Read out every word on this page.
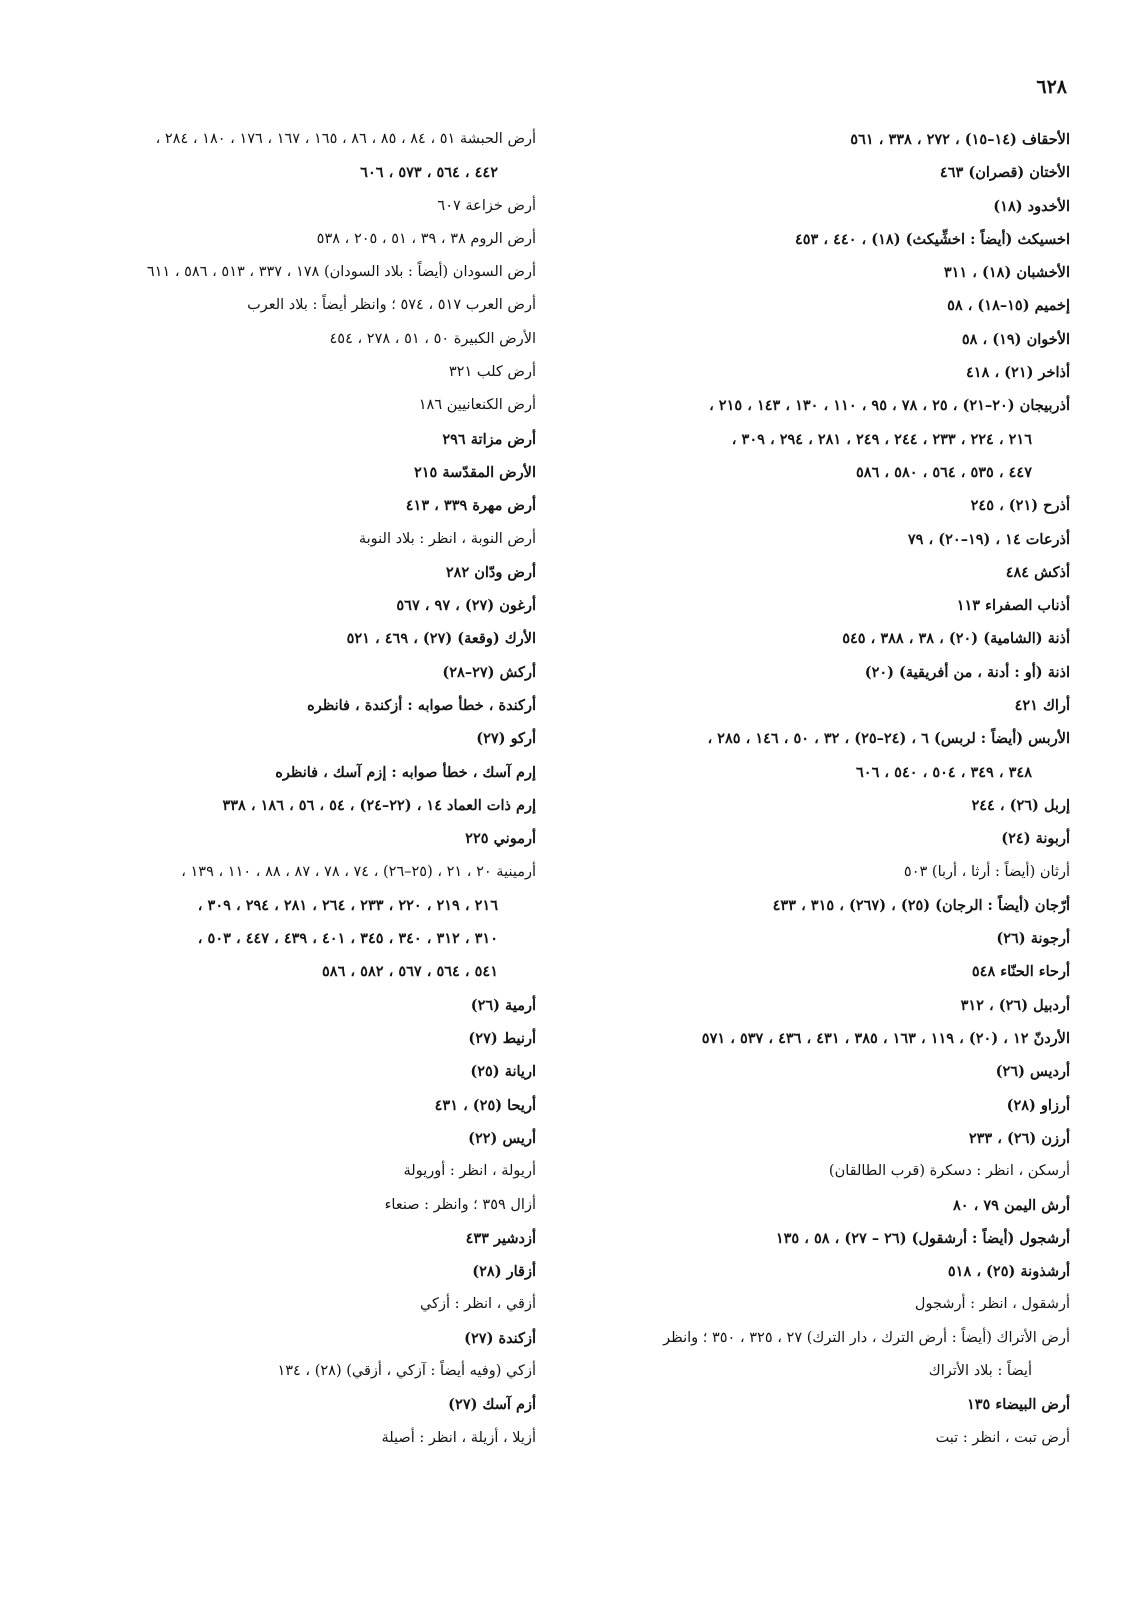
٦٢٨
الأحقاف (١٤–١٥) ، ٢٧٢ ، ٣٣٨ ، ٥٦١
الأختان (قصران) ٤٦٣
الأخدود (١٨)
اخسيكث (أيضاً : اخشِّيكث) (١٨) ، ٤٤٠ ، ٤٥٣
الأخشبان (١٨) ، ٣١١
إخميم (١٥–١٨) ، ٥٨
الأخوان (١٩) ، ٥٨
أذاخر (٢١) ، ٤١٨
أذربيجان (٢٠–٢١) ، ٢٥ ، ٧٨ ، ٩٥ ، ١١٠ ، ١٣٠ ، ١٤٣ ، ٢١٥ ،
٢١٦ ، ٢٢٤ ، ٢٣٣ ، ٢٤٤ ، ٢٤٩ ، ٢٨١ ، ٢٩٤ ، ٣٠٩ ،
٤٤٧ ، ٥٣٥ ، ٥٦٤ ، ٥٨٠ ، ٥٨٦
أذرح (٢١) ، ٢٤٥
أذرعات ١٤ ، (١٩–٢٠) ، ٧٩
أذكش ٤٨٤
أذناب الصفراء ١١٣
أذنة (الشامية) (٢٠) ، ٣٨ ، ٣٨٨ ، ٥٤٥
اذنة (أو : أدنة ، من أفريقية) (٢٠)
أراك ٤٢١
الأربس (أيضاً : لربس) ٦ ، (٢٤–٢٥) ، ٣٢ ، ٥٠ ، ١٤٦ ، ٢٨٥ ،
٣٤٨ ، ٣٤٩ ، ٥٠٤ ، ٥٤٠ ، ٦٠٦
إربل (٢٦) ، ٢٤٤
أربونة (٢٤)
أرثان (أيضاً : أرثا ، أربا) ٥٠٣
أرّجان (أيضاً : الرجان) (٢٥) ، (٢٦٧) ، ٣١٥ ، ٤٣٣
أرجونة (٢٦)
أرحاء الحنّاء ٥٤٨
أردبيل (٢٦) ، ٣١٢
الأردنّ ١٢ ، (٢٠) ، ١١٩ ، ١٦٣ ، ٣٨٥ ، ٤٣١ ، ٤٣٦ ، ٥٣٧ ، ٥٧١
أرديس (٢٦)
أرزاو (٢٨)
أرزن (٢٦) ، ٢٣٣
أرسكن ، انظر : دسكرة (قرب الطالقان)
أرش اليمن ٧٩ ، ٨٠
أرشجول (أيضاً : أرشقول) (٢٦ – ٢٧) ، ٥٨ ، ١٣٥
أرشذونة (٢٥) ، ٥١٨
أرشقول ، انظر : أرشجول
أرض الأتراك (أيضاً : أرض الترك ، دار الترك) ٢٧ ، ٣٢٥ ، ٣٥٠ ؛ وانظر
أيضاً : بلاد الأتراك
أرض البيضاء ١٣٥
أرض تبت ، انظر : تبت
أرض الحبشة ٥١ ، ٨٤ ، ٨٥ ، ٨٦ ، ١٦٥ ، ١٦٧ ، ١٧٦ ، ١٨٠ ، ٢٨٤ ،
٤٤٢ ، ٥٦٤ ، ٥٧٣ ، ٦٠٦
أرض خزاعة ٦٠٧
أرض الروم ٣٨ ، ٣٩ ، ٥١ ، ٢٠٥ ، ٥٣٨
أرض السودان (أيضاً : بلاد السودان) ١٧٨ ، ٣٣٧ ، ٥١٣ ، ٥٨٦ ، ٦١١
أرض العرب ٥١٧ ، ٥٧٤ ؛ وانظر أيضاً : بلاد العرب
الأرض الكبيرة ٥٠ ، ٥١ ، ٢٧٨ ، ٤٥٤
أرض كلب ٣٢١
أرض الكنعانيين ١٨٦
أرض مزاتة ٢٩٦
الأرض المقدّسة ٢١٥
أرض مهرة ٣٣٩ ، ٤١٣
أرض النوبة ، انظر : بلاد النوبة
أرض ودّان ٢٨٢
أرغون (٢٧) ، ٩٧ ، ٥٦٧
الأرك (وقعة) (٢٧) ، ٤٦٩ ، ٥٢١
أركش (٢٧–٢٨)
أركندة ، خطأ صوابه : أزكندة ، فانظره
أركو (٢٧)
إرم آسك ، خطأ صوابه : إزم آسك ، فانظره
إرم ذات العماد ١٤ ، (٢٢–٢٤) ، ٥٤ ، ٥٦ ، ١٨٦ ، ٣٣٨
أرموني ٢٢٥
أرمينية ٢٠ ، ٢١ ، (٢٥–٢٦) ، ٧٤ ، ٧٨ ، ٨٧ ، ٨٨ ، ١١٠ ، ١٣٩ ،
٢١٦ ، ٢١٩ ، ٢٢٠ ، ٢٣٣ ، ٢٦٤ ، ٢٨١ ، ٢٩٤ ، ٣٠٩ ،
٣١٠ ، ٣١٢ ، ٣٤٠ ، ٣٤٥ ، ٤٠١ ، ٤٣٩ ، ٤٤٧ ، ٥٠٣ ،
٥٤١ ، ٥٦٤ ، ٥٦٧ ، ٥٨٢ ، ٥٨٦
أرمية (٢٦)
أرنيط (٢٧)
اريانة (٢٥)
أريحا (٢٥) ، ٤٣١
أريس (٢٢)
أريولة ، انظر : أوريولة
أزال ٣٥٩ ؛ وانظر : صنعاء
أزدشير ٤٣٣
أزقار (٢٨)
أزقي ، انظر : أزكي
أزكندة (٢٧)
أزكي (وفيه أيضاً : آزكي ، أزقي) (٢٨) ، ١٣٤
أزم آسك (٢٧)
أزيلا ، أزيلة ، انظر : أصيلة
